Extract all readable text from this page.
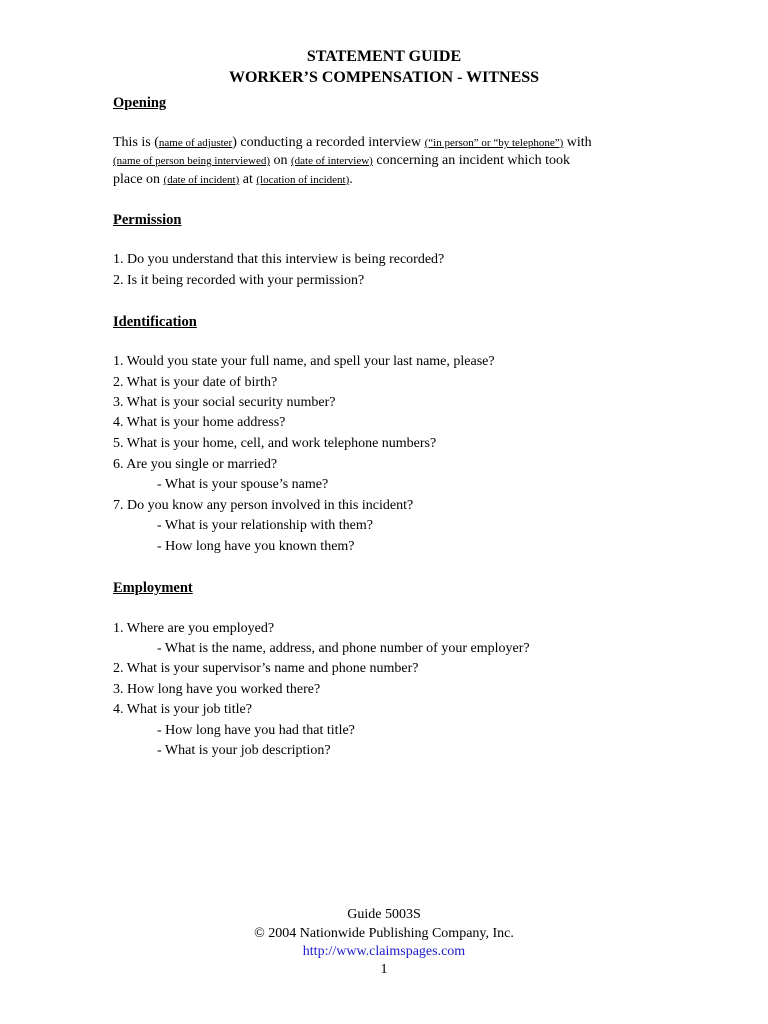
STATEMENT GUIDE
WORKER’S COMPENSATION - WITNESS
Opening
This is (name of adjuster) conducting a recorded interview (“in person” or “by telephone”) with
(name of person being interviewed) on (date of interview) concerning an incident which took
place on (date of incident) at (location of incident).
Permission
1. Do you understand that this interview is being recorded?
2. Is it being recorded with your permission?
Identification
1. Would you state your full name, and spell your last name, please?
2. What is your date of birth?
3. What is your social security number?
4. What is your home address?
5. What is your home, cell, and work telephone numbers?
6. Are you single or married?
- What is your spouse’s name?
7. Do you know any person involved in this incident?
- What is your relationship with them?
- How long have you known them?
Employment
1. Where are you employed?
- What is the name, address, and phone number of your employer?
2. What is your supervisor’s name and phone number?
3. How long have you worked there?
4. What is your job title?
- How long have you had that title?
- What is your job description?
Guide 5003S
© 2004 Nationwide Publishing Company, Inc.
http://www.claimspages.com
1
